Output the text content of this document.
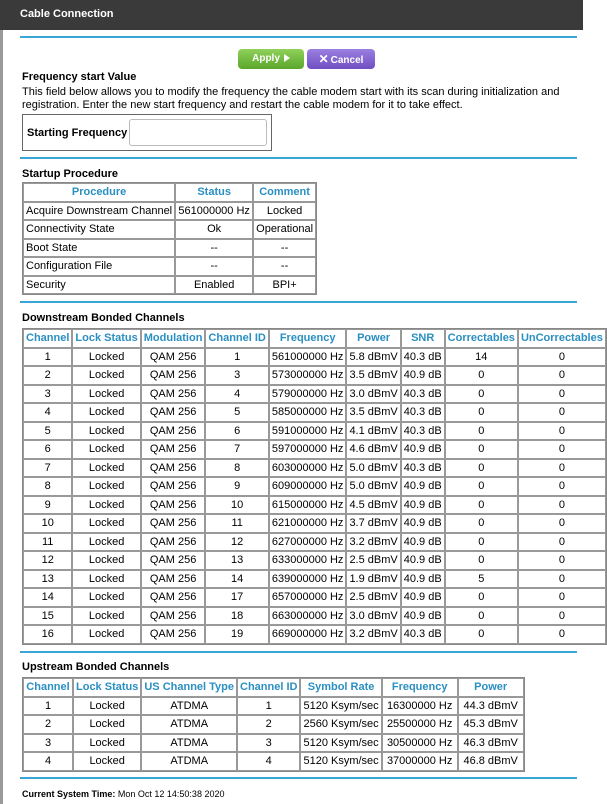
Cable Connection
Apply	✕ Cancel
Frequency start Value
This field below allows you to modify the frequency the cable modem start with its scan during initialization and registration. Enter the new start frequency and restart the cable modem for it to take effect.
Starting Frequency
Startup Procedure
Procedure	Status	Comment
Acquire Downstream Channel	561000000 Hz	Locked
Connectivity State	Ok	Operational
Boot State	--	--
Configuration File	--	--
Security	Enabled	BPI+
Downstream Bonded Channels
Channel	Lock Status	Modulation	Channel ID	Frequency	Power	SNR	Correctables	UnCorrectables
1	Locked	QAM 256	1	561000000 Hz	5.8 dBmV	40.3 dB	14	0
2	Locked	QAM 256	3	573000000 Hz	3.5 dBmV	40.9 dB	0	0
3	Locked	QAM 256	4	579000000 Hz	3.0 dBmV	40.3 dB	0	0
4	Locked	QAM 256	5	585000000 Hz	3.5 dBmV	40.3 dB	0	0
5	Locked	QAM 256	6	591000000 Hz	4.1 dBmV	40.3 dB	0	0
6	Locked	QAM 256	7	597000000 Hz	4.6 dBmV	40.9 dB	0	0
7	Locked	QAM 256	8	603000000 Hz	5.0 dBmV	40.3 dB	0	0
8	Locked	QAM 256	9	609000000 Hz	5.0 dBmV	40.9 dB	0	0
9	Locked	QAM 256	10	615000000 Hz	4.5 dBmV	40.9 dB	0	0
10	Locked	QAM 256	11	621000000 Hz	3.7 dBmV	40.9 dB	0	0
11	Locked	QAM 256	12	627000000 Hz	3.2 dBmV	40.9 dB	0	0
12	Locked	QAM 256	13	633000000 Hz	2.5 dBmV	40.9 dB	0	0
13	Locked	QAM 256	14	639000000 Hz	1.9 dBmV	40.9 dB	5	0
14	Locked	QAM 256	17	657000000 Hz	2.5 dBmV	40.9 dB	0	0
15	Locked	QAM 256	18	663000000 Hz	3.0 dBmV	40.9 dB	0	0
16	Locked	QAM 256	19	669000000 Hz	3.2 dBmV	40.3 dB	0	0
Upstream Bonded Channels
Channel	Lock Status	US Channel Type	Channel ID	Symbol Rate	Frequency	Power
1	Locked	ATDMA	1	5120 Ksym/sec	16300000 Hz	44.3 dBmV
2	Locked	ATDMA	2	2560 Ksym/sec	25500000 Hz	45.3 dBmV
3	Locked	ATDMA	3	5120 Ksym/sec	30500000 Hz	46.3 dBmV
4	Locked	ATDMA	4	5120 Ksym/sec	37000000 Hz	46.8 dBmV
Current System Time: Mon Oct 12 14:50:38 2020
